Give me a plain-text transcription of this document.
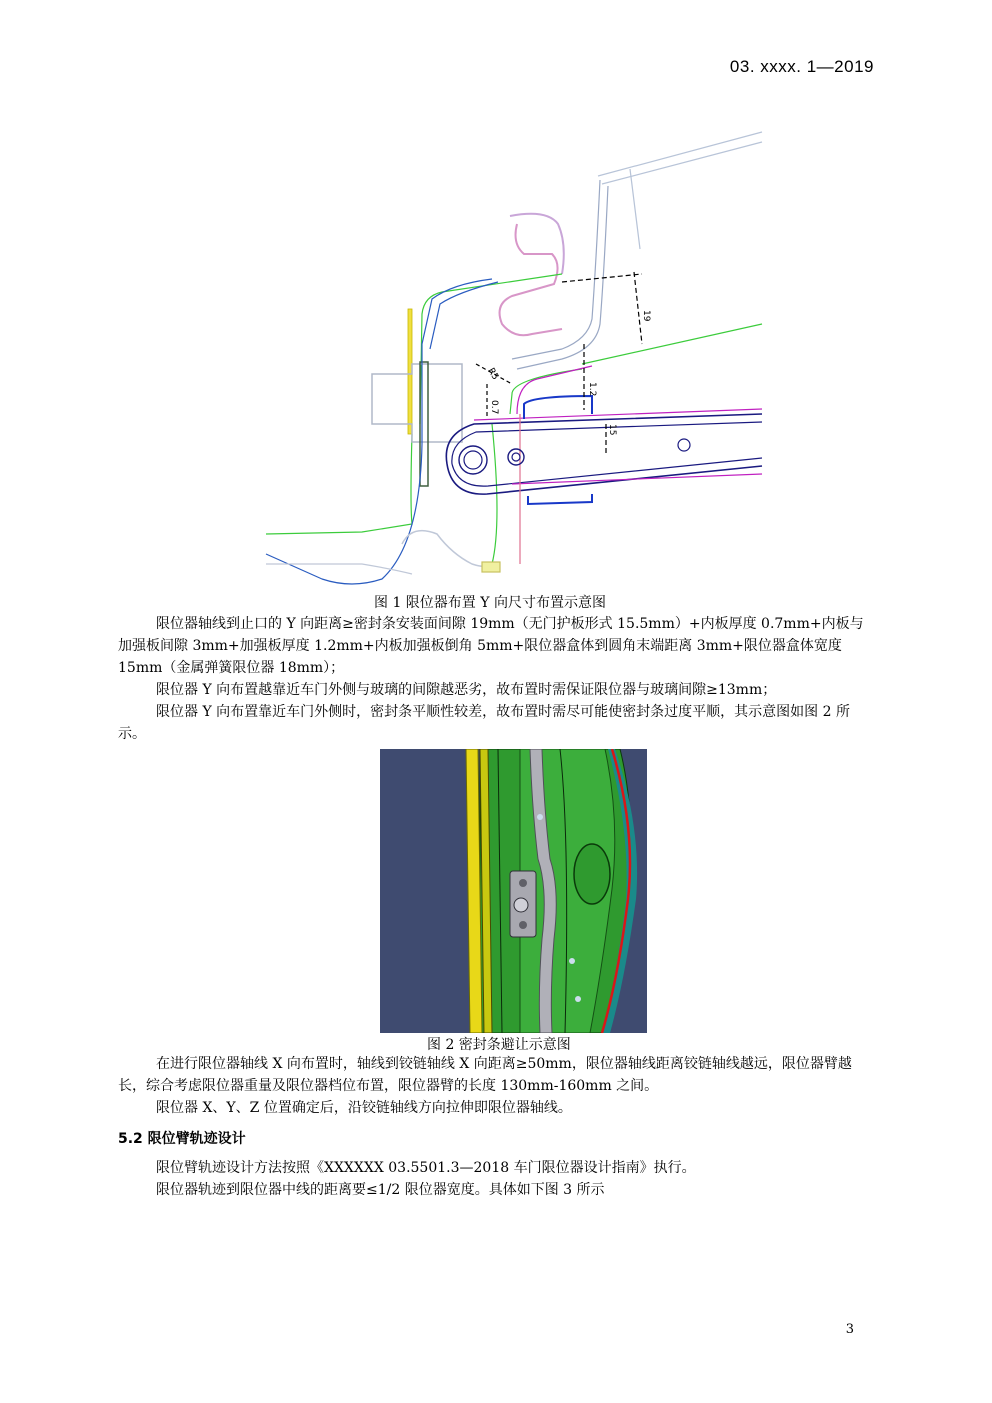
03. xxxx. 1—2019
19
R5
1.2
15
0.7
图 1 限位器布置 Y 向尺寸布置示意图

限位器轴线到止口的 Y 向距离≥密封条安装面间隙 19mm（无门护板形式 15.5mm）+内板厚度 0.7mm+内板与加强板间隙 3mm+加强板厚度 1.2mm+内板加强板倒角 5mm+限位器盒体到圆角末端距离 3mm+限位器盒体宽度 15mm（金属弹簧限位器 18mm）；

限位器 Y 向布置越靠近车门外侧与玻璃的间隙越恶劣，故布置时需保证限位器与玻璃间隙≥13mm；

限位器 Y 向布置靠近车门外侧时，密封条平顺性较差，故布置时需尽可能使密封条过度平顺，其示意图如图 2 所示。

图 2 密封条避让示意图

在进行限位器轴线 X 向布置时，轴线到铰链轴线 X 向距离≥50mm，限位器轴线距离铰链轴线越远，限位器臂越长，综合考虑限位器重量及限位器档位布置，限位器臂的长度 130mm-160mm 之间。

限位器 X、Y、Z 位置确定后，沿铰链轴线方向拉伸即限位器轴线。

5.2 限位臂轨迹设计

限位臂轨迹设计方法按照《XXXXXX 03.5501.3—2018 车门限位器设计指南》执行。

限位器轨迹到限位器中线的距离要≤1/2 限位器宽度。具体如下图 3 所示

3
